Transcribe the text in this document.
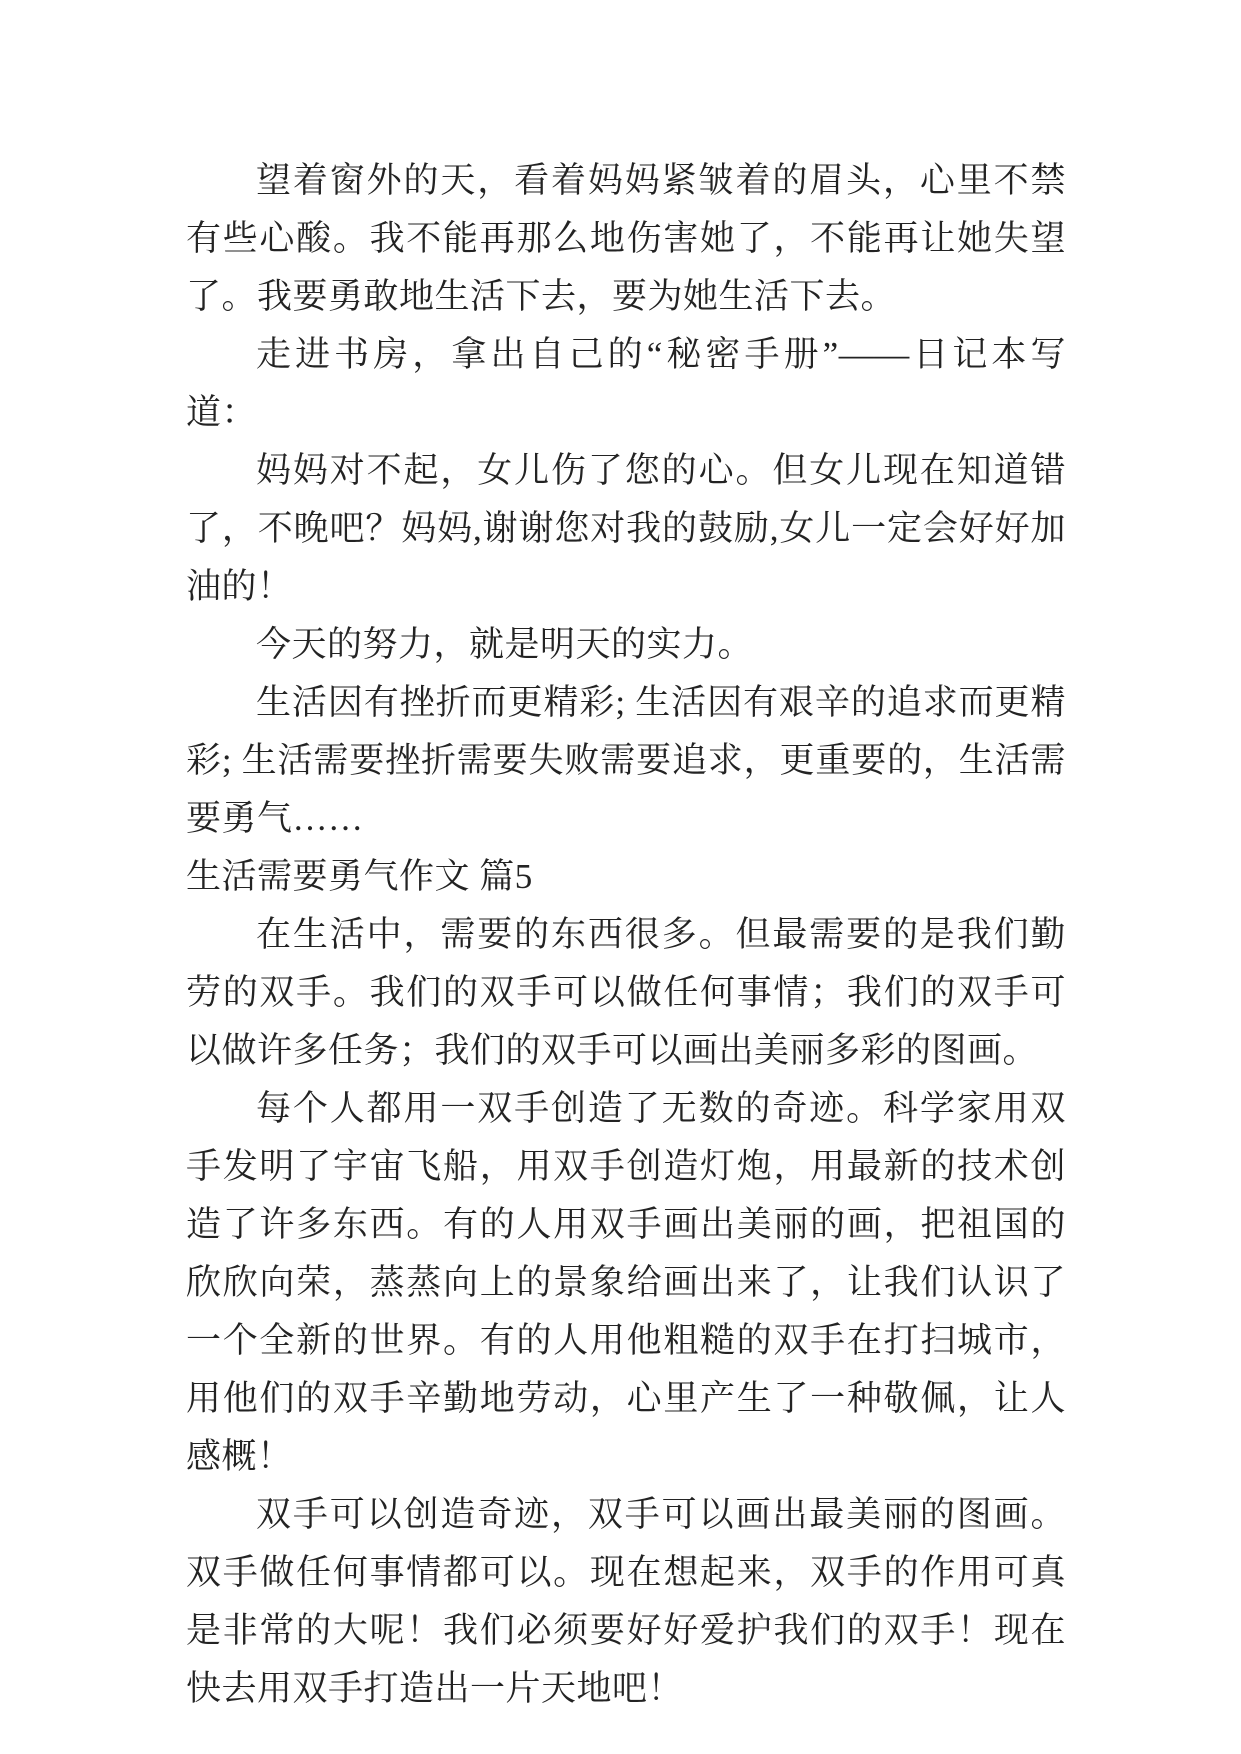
望着窗外的天，看着妈妈紧皱着的眉头，心里不禁有些心酸。我不能再那么地伤害她了，不能再让她失望了。我要勇敢地生活下去，要为她生活下去。

走进书房，拿出自己的“秘密手册”——日记本写道：

妈妈对不起，女儿伤了您的心。但女儿现在知道错了，不晚吧？妈妈,谢谢您对我的鼓励,女儿一定会好好加油的！

今天的努力，就是明天的实力。

生活因有挫折而更精彩; 生活因有艰辛的追求而更精彩; 生活需要挫折需要失败需要追求，更重要的，生活需要勇气……

生活需要勇气作文 篇5

在生活中，需要的东西很多。但最需要的是我们勤劳的双手。我们的双手可以做任何事情；我们的双手可以做许多任务；我们的双手可以画出美丽多彩的图画。

每个人都用一双手创造了无数的奇迹。科学家用双手发明了宇宙飞船，用双手创造灯炮，用最新的技术创造了许多东西。有的人用双手画出美丽的画，把祖国的欣欣向荣，蒸蒸向上的景象给画出来了，让我们认识了一个全新的世界。有的人用他粗糙的双手在打扫城市，用他们的双手辛勤地劳动，心里产生了一种敬佩，让人感概！

双手可以创造奇迹，双手可以画出最美丽的图画。双手做任何事情都可以。现在想起来，双手的作用可真是非常的大呢！我们必须要好好爱护我们的双手！现在快去用双手打造出一片天地吧！
